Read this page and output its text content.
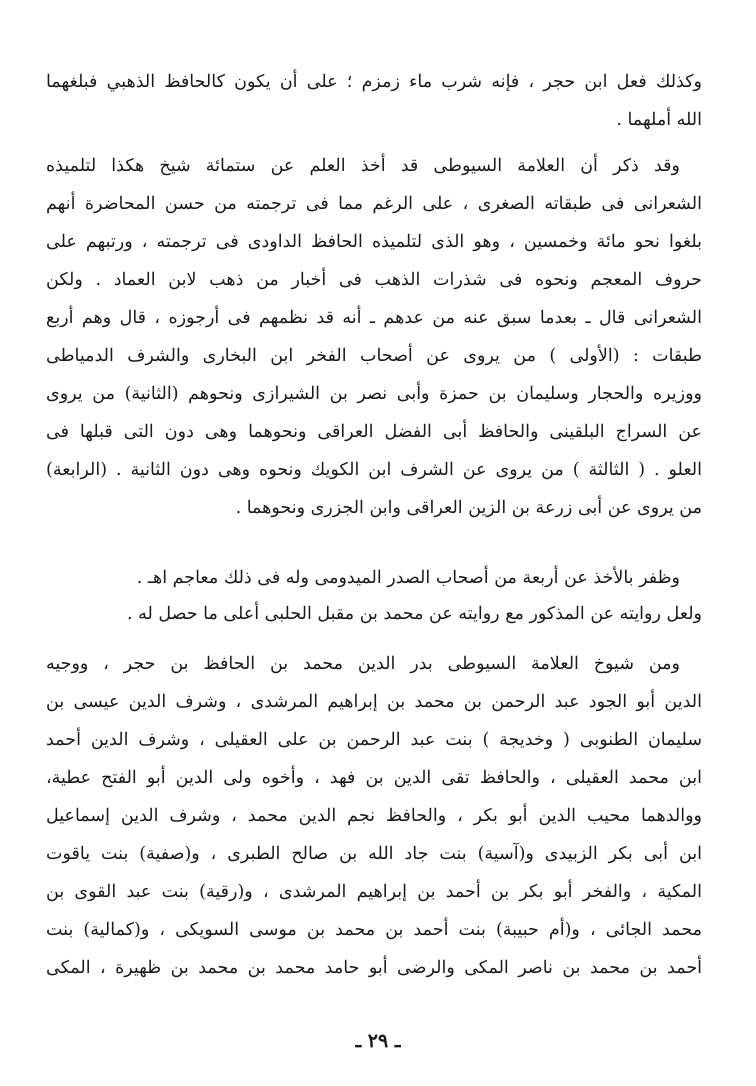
وكذلك فعل ابن حجر ، فإنه شرب ماء زمزم ؛ على أن يكون كالحافظ الذهبي فبلغهما
الله أملهما .
وقد ذكر أن العلامة السيوطى قد أخذ العلم عن ستمائة شيخ هكذا لتلميذه
الشعرانى فى طبقاته الصغرى ، على الرغم مما فى ترجمته من حسن المحاضرة أنهم
بلغوا نحو مائة وخمسين ، وهو الذى لتلميذه الحافظ الداودى فى ترجمته ، ورتبهم على
حروف المعجم ونحوه فى شذرات الذهب فى أخبار من ذهب لابن العماد . ولكن
الشعرانى قال ـ بعدما سبق عنه من عدهم ـ أنه قد نظمهم فى أرجوزه ، قال وهم أربع
طبقات : (الأولى ) من يروى عن أصحاب الفخر ابن البخارى والشرف الدمياطى
ووزيره والحجار وسليمان بن حمزة وأبى نصر بن الشيرازى ونحوهم (الثانية) من يروى
عن السراج البلقينى والحافظ أبى الفضل العراقى ونحوهما وهى دون التى قبلها فى
العلو . ( الثالثة ) من يروى عن الشرف ابن الكويك ونحوه وهى دون الثانية . (الرابعة)
من يروى عن أبى زرعة بن الزين العراقى وابن الجزرى ونحوهما .
وظفر بالأخذ عن أربعة من أصحاب الصدر الميدومى وله فى ذلك معاجم اهـ .
ولعل روايته عن المذكور مع روايته عن محمد بن مقبل الحلبى أعلى ما حصل له .
ومن شيوخ العلامة السيوطى بدر الدين محمد بن الحافظ بن حجر ، ووجيه
الدين أبو الجود عبد الرحمن بن محمد بن إبراهيم المرشدى ، وشرف الدين عيسى بن
سليمان الطنوبى ( وخديجة ) بنت عبد الرحمن بن على العقيلى ، وشرف الدين أحمد
ابن محمد العقيلى ، والحافظ تقى الدين بن فهد ، وأخوه ولى الدين أبو الفتح عطية،
ووالدهما محيب الدين أبو بكر ، والحافظ نجم الدين محمد ، وشرف الدين إسماعيل
ابن أبى بكر الزبيدى و(آسية) بنت جاد الله بن صالح الطبرى ، و(صفية) بنت ياقوت
المكية ، والفخر أبو بكر بن أحمد بن إبراهيم المرشدى ، و(رقية) بنت عبد القوى بن
محمد الجائى ، و(أم حبيبة) بنت أحمد بن محمد بن موسى السويكى ، و(كمالية) بنت
أحمد بن محمد بن ناصر المكى والرضى أبو حامد محمد بن محمد بن ظهيرة ، المكى
ـ ٢٩ ـ
